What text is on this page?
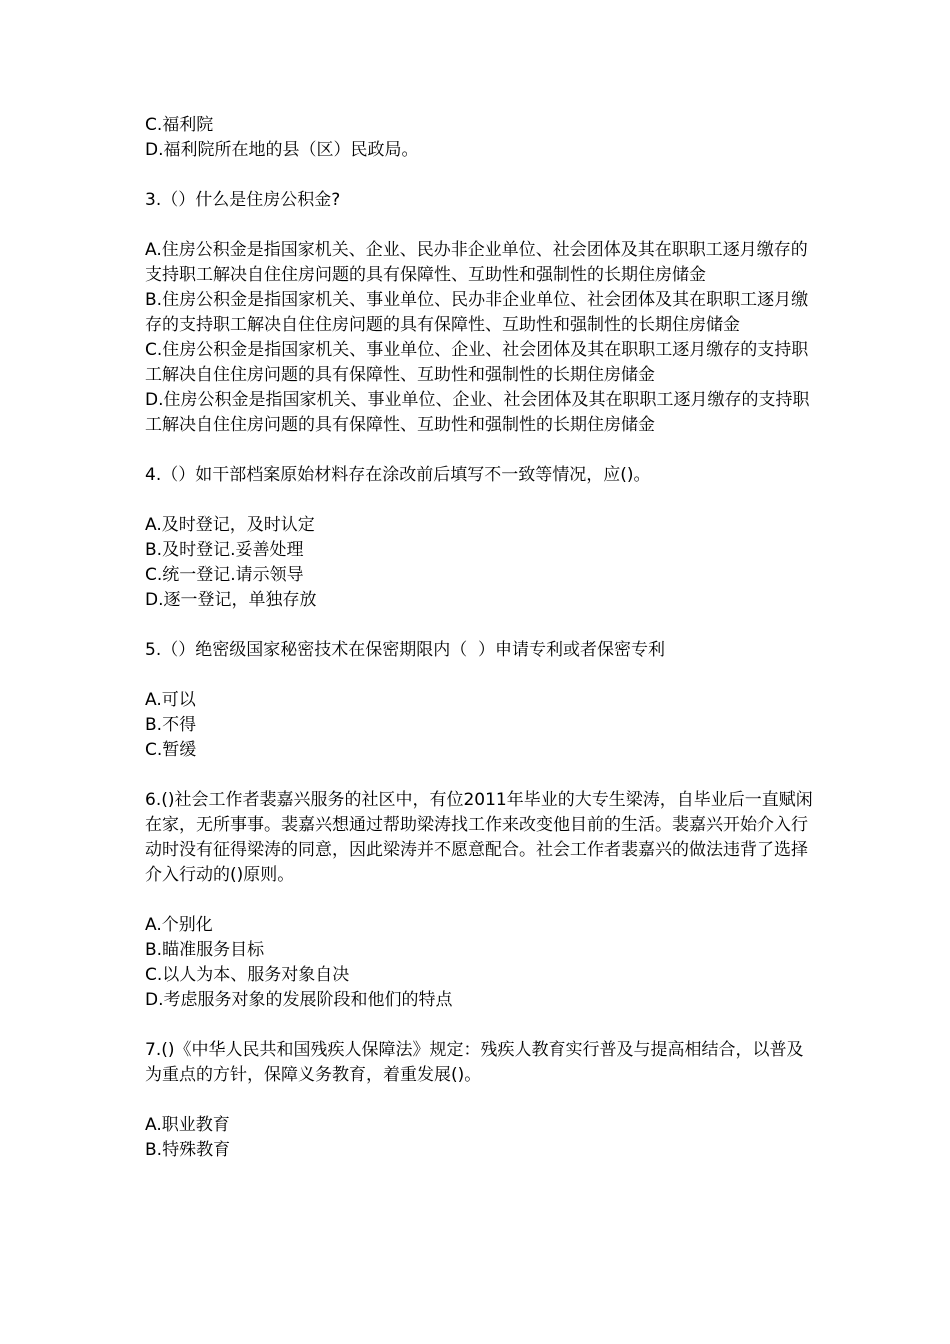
C.福利院
D.福利院所在地的县（区）民政局。
3.（）什么是住房公积金?
A.住房公积金是指国家机关、企业、民办非企业单位、社会团体及其在职职工逐月缴存的支持职工解决自住住房问题的具有保障性、互助性和强制性的长期住房储金
B.住房公积金是指国家机关、事业单位、民办非企业单位、社会团体及其在职职工逐月缴存的支持职工解决自住住房问题的具有保障性、互助性和强制性的长期住房储金
C.住房公积金是指国家机关、事业单位、企业、社会团体及其在职职工逐月缴存的支持职工解决自住住房问题的具有保障性、互助性和强制性的长期住房储金
D.住房公积金是指国家机关、事业单位、企业、社会团体及其在职职工逐月缴存的支持职工解决自住住房问题的具有保障性、互助性和强制性的长期住房储金
4.（）如干部档案原始材料存在涂改前后填写不一致等情况，应()。
A.及时登记，及时认定
B.及时登记.妥善处理
C.统一登记.请示领导
D.逐一登记，单独存放
5.（）绝密级国家秘密技术在保密期限内（  ）申请专利或者保密专利
A.可以
B.不得
C.暂缓
6.()社会工作者裴嘉兴服务的社区中，有位2011年毕业的大专生梁涛，自毕业后一直赋闲在家，无所事事。裴嘉兴想通过帮助梁涛找工作来改变他目前的生活。裴嘉兴开始介入行动时没有征得梁涛的同意，因此梁涛并不愿意配合。社会工作者裴嘉兴的做法违背了选择介入行动的()原则。
A.个别化
B.瞄准服务目标
C.以人为本、服务对象自决
D.考虑服务对象的发展阶段和他们的特点
7.()《中华人民共和国残疾人保障法》规定：残疾人教育实行普及与提高相结合，以普及为重点的方针，保障义务教育，着重发展()。
A.职业教育
B.特殊教育
